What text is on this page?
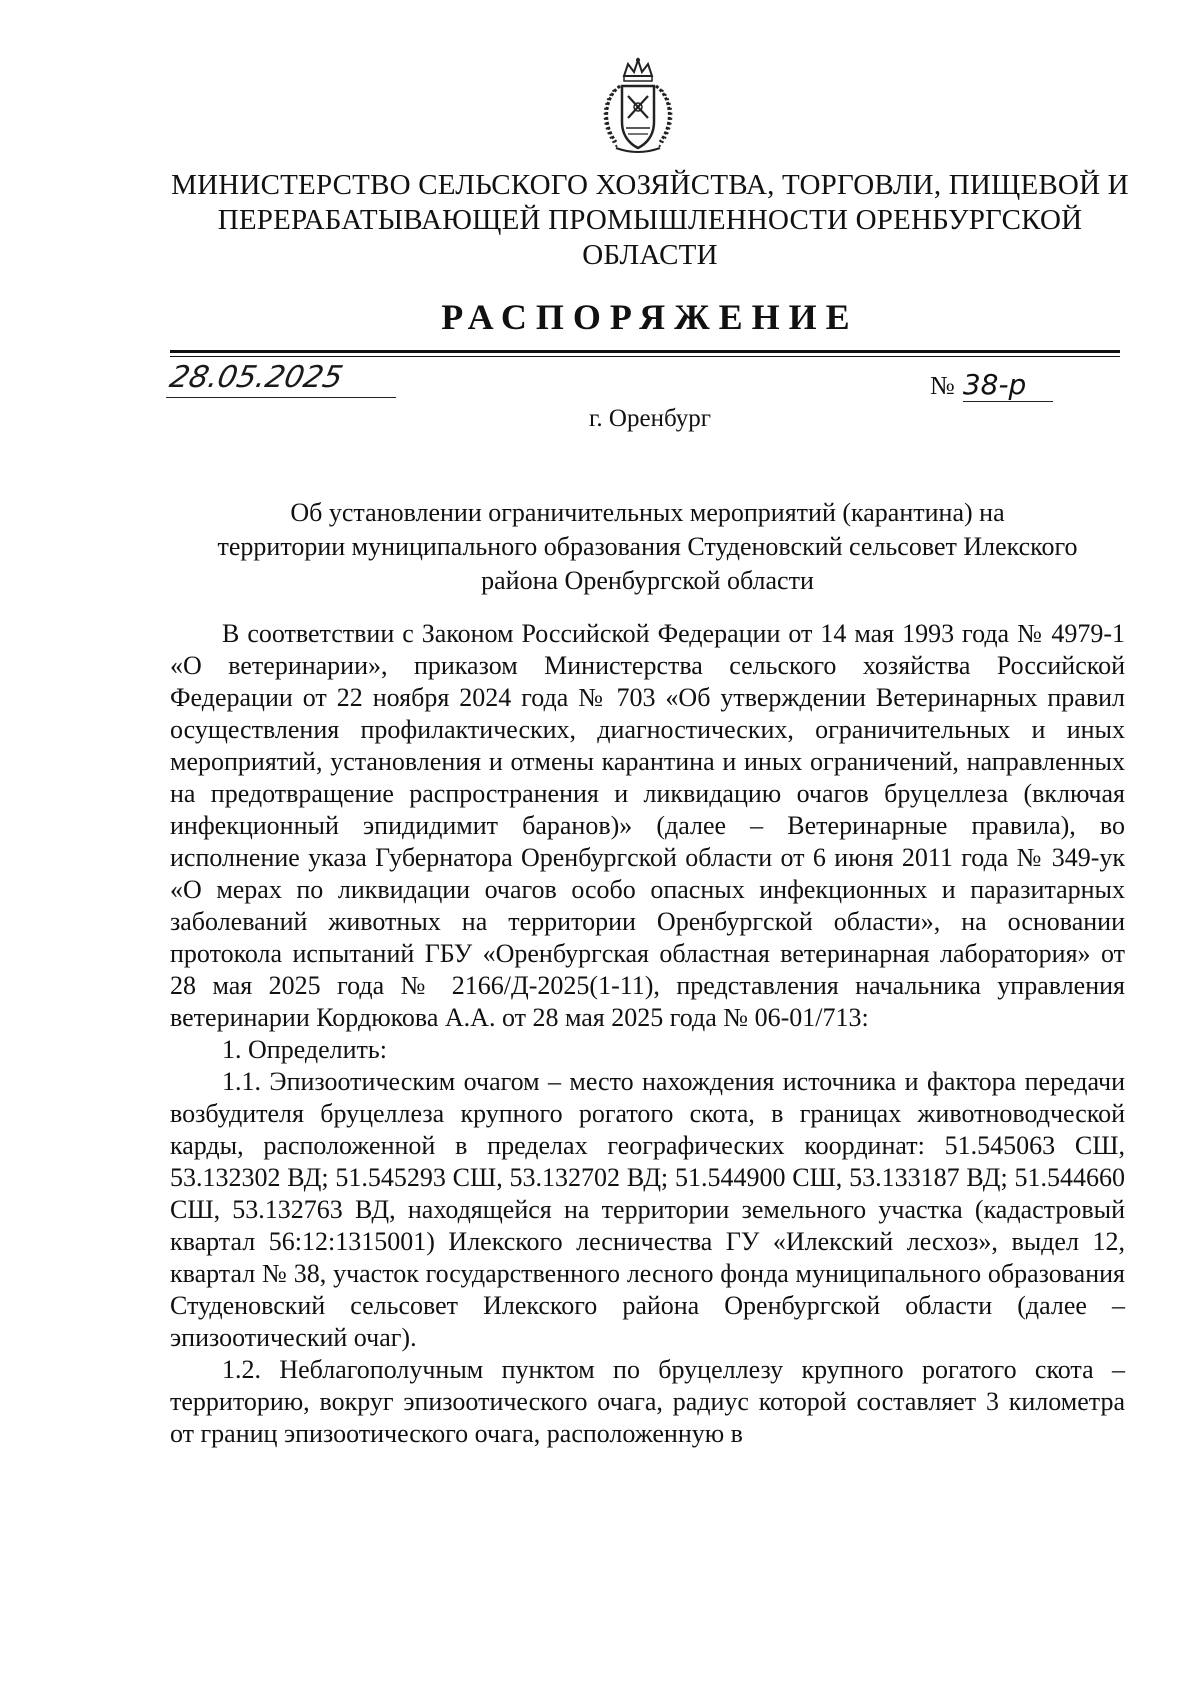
МИНИСТЕРСТВО СЕЛЬСКОГО ХОЗЯЙСТВА, ТОРГОВЛИ, ПИЩЕВОЙ И
ПЕРЕРАБАТЫВАЮЩЕЙ ПРОМЫШЛЕННОСТИ ОРЕНБУРГСКОЙ
ОБЛАСТИ
РАСПОРЯЖЕНИЕ
28.05.2025	№ 38-р
г. Оренбург
Об установлении ограничительных мероприятий (карантина) на
территории муниципального образования Студеновский сельсовет Илекского
района Оренбургской области

В соответствии с Законом Российской Федерации от 14 мая 1993 года № 4979-1 «О ветеринарии», приказом Министерства сельского хозяйства Российской Федерации от 22 ноября 2024 года № 703 «Об утверждении Ветеринарных правил осуществления профилактических, диагностических, ограничительных и иных мероприятий, установления и отмены карантина и иных ограничений, направленных на предотвращение распространения и ликвидацию очагов бруцеллеза (включая инфекционный эпидидимит баранов)» (далее – Ветеринарные правила), во исполнение указа Губернатора Оренбургской области от 6 июня 2011 года № 349-ук «О мерах по ликвидации очагов особо опасных инфекционных и паразитарных заболеваний животных на территории Оренбургской области», на основании протокола испытаний ГБУ «Оренбургская областная ветеринарная лаборатория» от 28 мая 2025 года № 2166/Д-2025(1-11), представления начальника управления ветеринарии Кордюкова А.А. от 28 мая 2025 года № 06-01/713:

1. Определить:

1.1. Эпизоотическим очагом – место нахождения источника и фактора передачи возбудителя бруцеллеза крупного рогатого скота, в границах животноводческой карды, расположенной в пределах географических координат: 51.545063 СШ, 53.132302 ВД; 51.545293 СШ, 53.132702 ВД; 51.544900 СШ, 53.133187 ВД; 51.544660 СШ, 53.132763 ВД, находящейся на территории земельного участка (кадастровый квартал 56:12:1315001) Илекского лесничества ГУ «Илекский лесхоз», выдел 12, квартал № 38, участок государственного лесного фонда муниципального образования Студеновский сельсовет Илекского района Оренбургской области (далее – эпизоотический очаг).

1.2. Неблагополучным пунктом по бруцеллезу крупного рогатого скота – территорию, вокруг эпизоотического очага, радиус которой составляет 3 километра от границ эпизоотического очага, расположенную в
